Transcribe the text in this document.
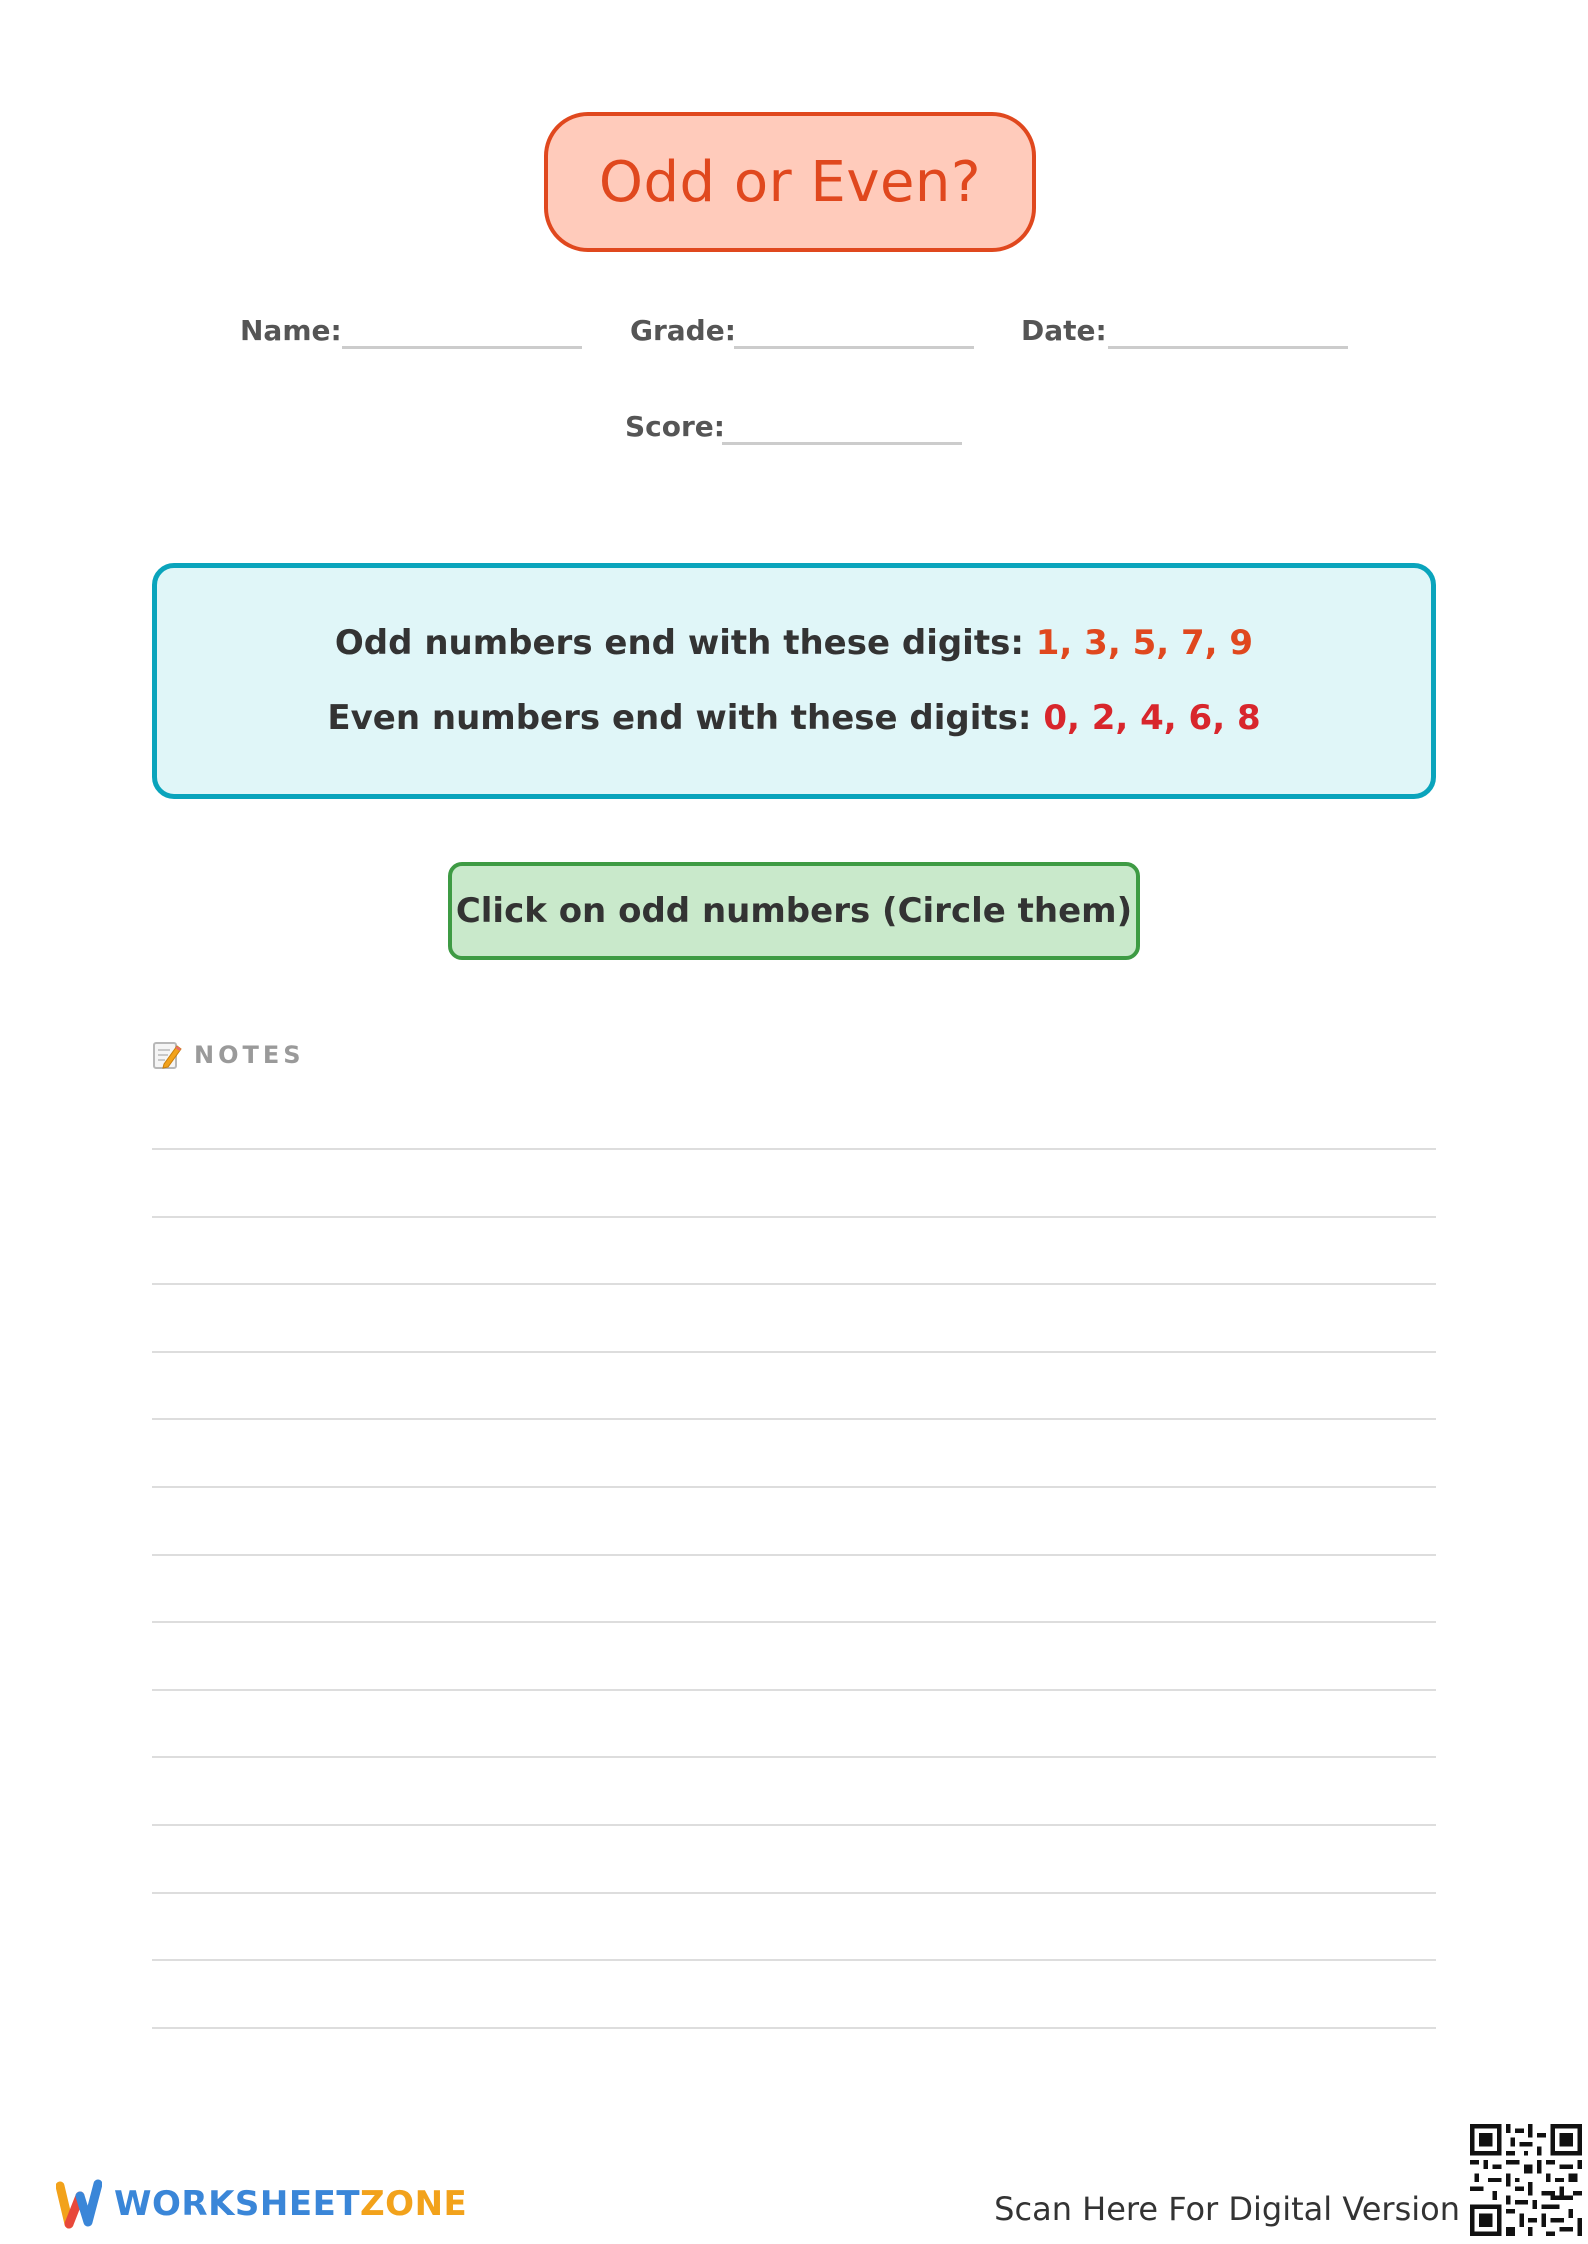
Odd or Even?
Name:	Grade:	Date:
Score:
Odd numbers end with these digits: 1, 3, 5, 7, 9
Even numbers end with these digits: 0, 2, 4, 6, 8
Click on odd numbers (Circle them)
NOTES
WORKSHEETZONE	Scan Here For Digital Version
